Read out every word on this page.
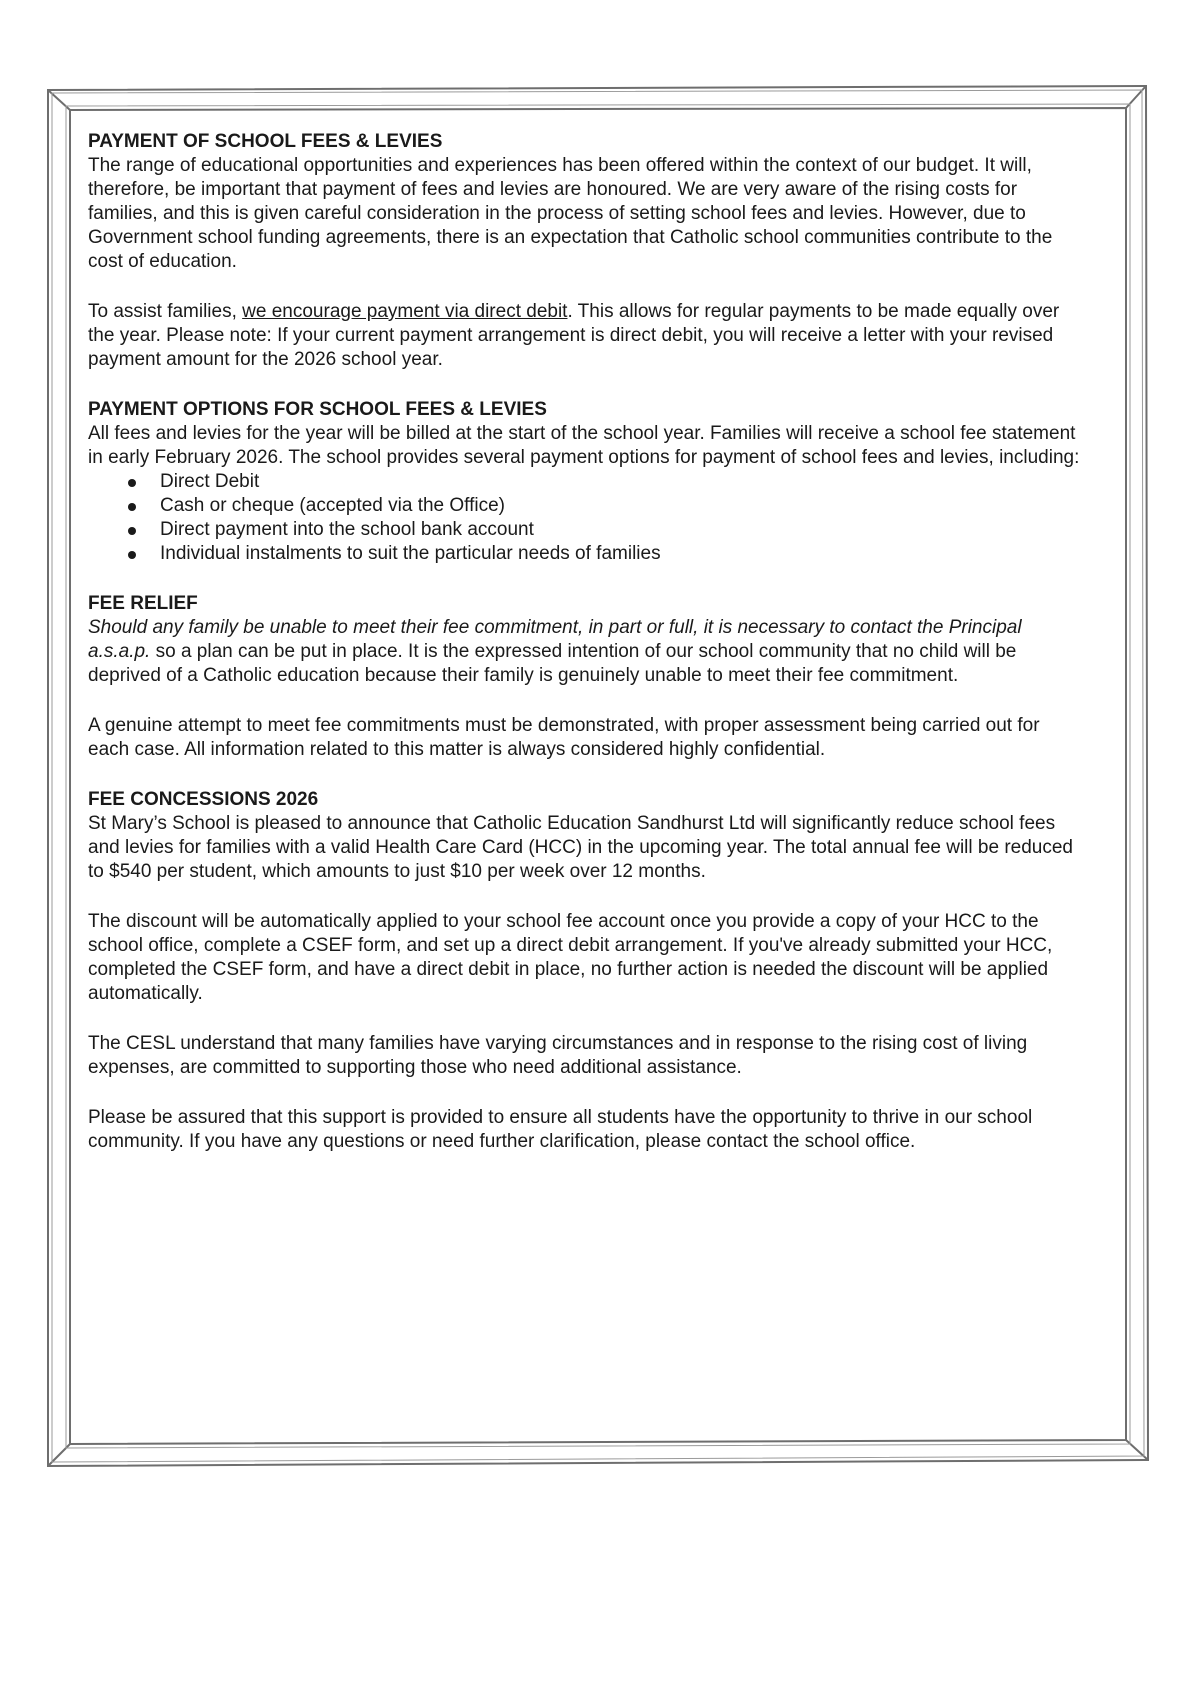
PAYMENT OF SCHOOL FEES & LEVIES

The range of educational opportunities and experiences has been offered within the context of our budget. It will, therefore, be important that payment of fees and levies are honoured. We are very aware of the rising costs for families, and this is given careful consideration in the process of setting school fees and levies. However, due to Government school funding agreements, there is an expectation that Catholic school communities contribute to the cost of education.

To assist families, we encourage payment via direct debit. This allows for regular payments to be made equally over the year. Please note: If your current payment arrangement is direct debit, you will receive a letter with your revised payment amount for the 2026 school year.

PAYMENT OPTIONS FOR SCHOOL FEES & LEVIES

All fees and levies for the year will be billed at the start of the school year. Families will receive a school fee statement in early February 2026. The school provides several payment options for payment of school fees and levies, including:

Direct Debit
Cash or cheque (accepted via the Office)
Direct payment into the school bank account
Individual instalments to suit the particular needs of families
FEE RELIEF

Should any family be unable to meet their fee commitment, in part or full, it is necessary to contact the Principal a.s.a.p. so a plan can be put in place. It is the expressed intention of our school community that no child will be deprived of a Catholic education because their family is genuinely unable to meet their fee commitment.

A genuine attempt to meet fee commitments must be demonstrated, with proper assessment being carried out for each case. All information related to this matter is always considered highly confidential.

FEE CONCESSIONS 2026

St Mary’s School is pleased to announce that Catholic Education Sandhurst Ltd will significantly reduce school fees and levies for families with a valid Health Care Card (HCC) in the upcoming year. The total annual fee will be reduced to $540 per student, which amounts to just $10 per week over 12 months.

The discount will be automatically applied to your school fee account once you provide a copy of your HCC to the school office, complete a CSEF form, and set up a direct debit arrangement. If you've already submitted your HCC, completed the CSEF form, and have a direct debit in place, no further action is needed the discount will be applied automatically.

The CESL understand that many families have varying circumstances and in response to the rising cost of living expenses, are committed to supporting those who need additional assistance.

Please be assured that this support is provided to ensure all students have the opportunity to thrive in our school community. If you have any questions or need further clarification, please contact the school office.
